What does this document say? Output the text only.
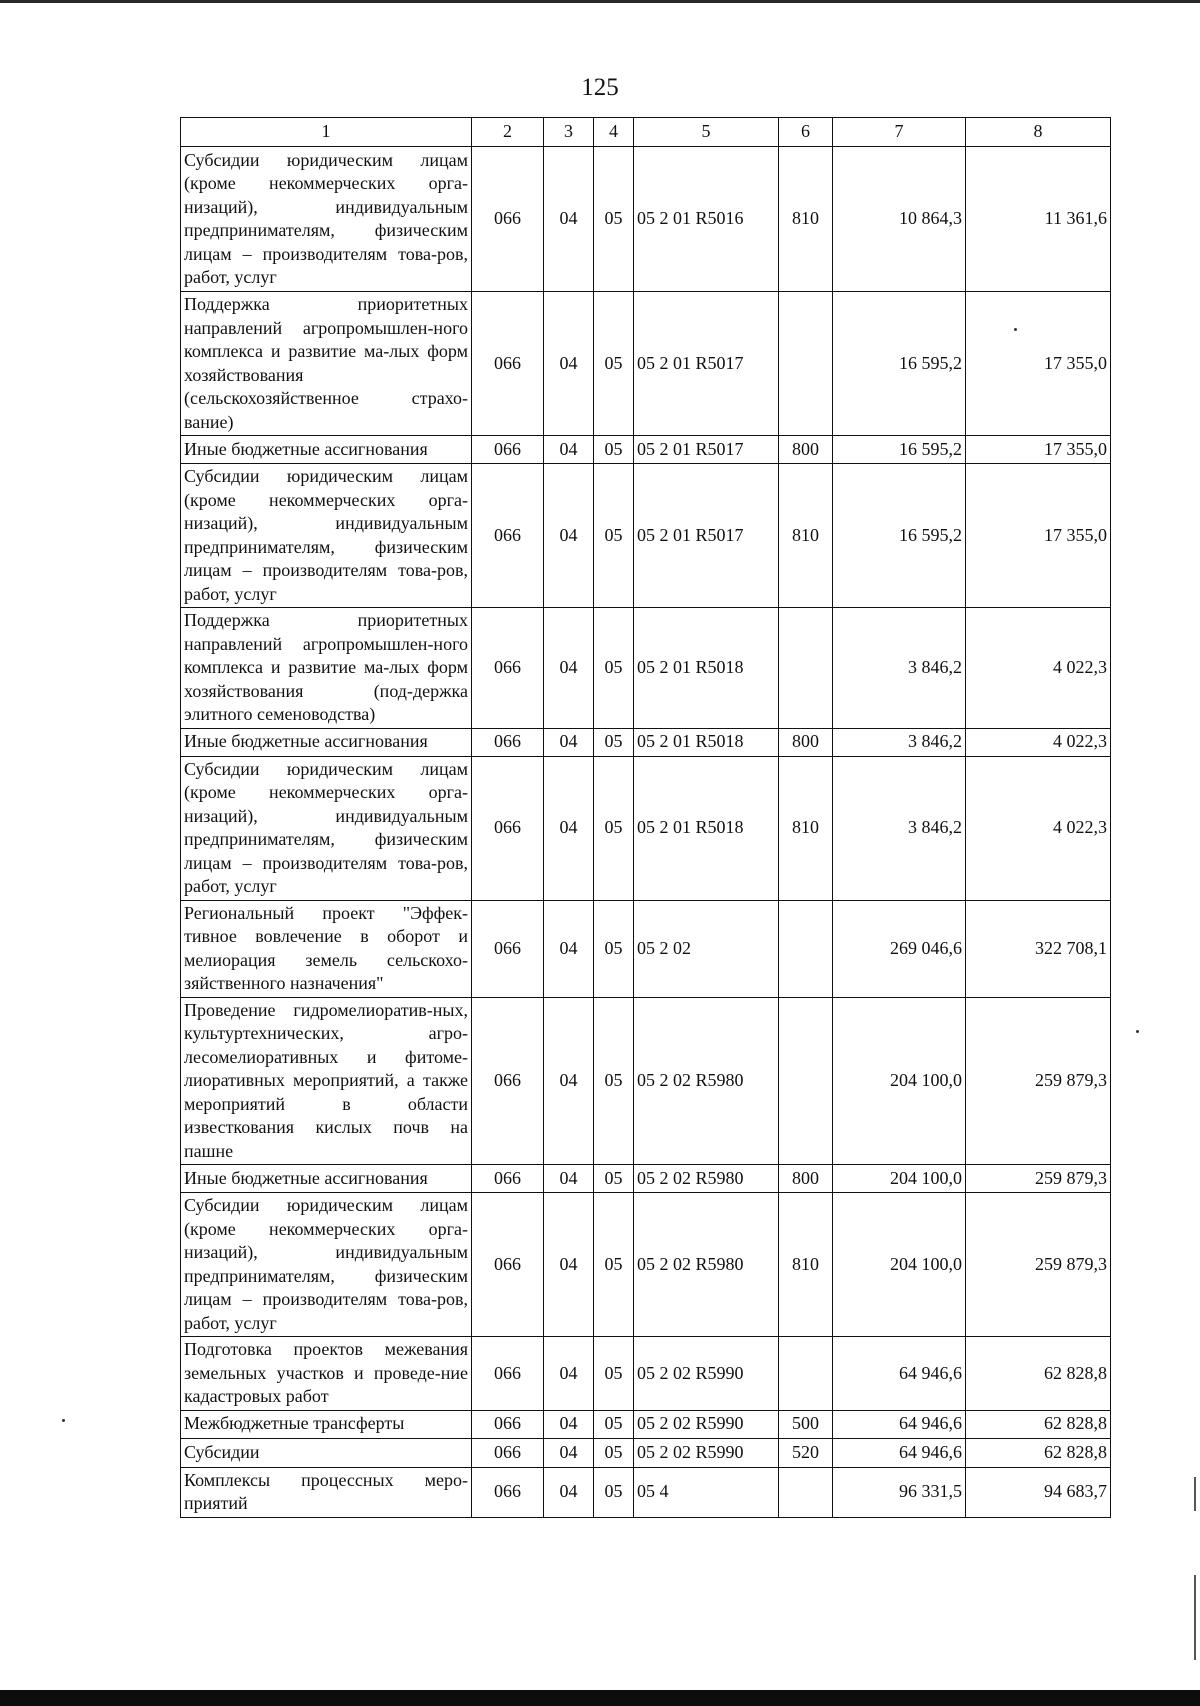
125
1	2	3	4	5	6	7	8
Субсидии юридическим лицам (кроме некоммерческих орга-низаций), индивидуальным предпринимателям, физическим лицам – производителям това-ров, работ, услуг	066	04	05	05 2 01 R5016	810	10 864,3	11 361,6
Поддержка приоритетных направлений агропромышлен-ного комплекса и развитие ма-лых форм хозяйствования (сельскохозяйственное страхо-вание)	066	04	05	05 2 01 R5017		16 595,2	17 355,0
Иные бюджетные ассигнования	066	04	05	05 2 01 R5017	800	16 595,2	17 355,0
Субсидии юридическим лицам (кроме некоммерческих орга-низаций), индивидуальным предпринимателям, физическим лицам – производителям това-ров, работ, услуг	066	04	05	05 2 01 R5017	810	16 595,2	17 355,0
Поддержка приоритетных направлений агропромышлен-ного комплекса и развитие ма-лых форм хозяйствования (под-держка элитного семеноводства)	066	04	05	05 2 01 R5018		3 846,2	4 022,3
Иные бюджетные ассигнования	066	04	05	05 2 01 R5018	800	3 846,2	4 022,3
Субсидии юридическим лицам (кроме некоммерческих орга-низаций), индивидуальным предпринимателям, физическим лицам – производителям това-ров, работ, услуг	066	04	05	05 2 01 R5018	810	3 846,2	4 022,3
Региональный проект "Эффек-тивное вовлечение в оборот и мелиорация земель сельскохо-зяйственного назначения"	066	04	05	05 2 02		269 046,6	322 708,1
Проведение гидромелиоратив-ных, культуртехнических, агро-лесомелиоративных и фитоме-лиоративных мероприятий, а также мероприятий в области известкования кислых почв на пашне	066	04	05	05 2 02 R5980		204 100,0	259 879,3
Иные бюджетные ассигнования	066	04	05	05 2 02 R5980	800	204 100,0	259 879,3
Субсидии юридическим лицам (кроме некоммерческих орга-низаций), индивидуальным предпринимателям, физическим лицам – производителям това-ров, работ, услуг	066	04	05	05 2 02 R5980	810	204 100,0	259 879,3
Подготовка проектов межевания земельных участков и проведе-ние кадастровых работ	066	04	05	05 2 02 R5990		64 946,6	62 828,8
Межбюджетные трансферты	066	04	05	05 2 02 R5990	500	64 946,6	62 828,8
Субсидии	066	04	05	05 2 02 R5990	520	64 946,6	62 828,8
Комплексы процессных меро-приятий	066	04	05	05 4		96 331,5	94 683,7
